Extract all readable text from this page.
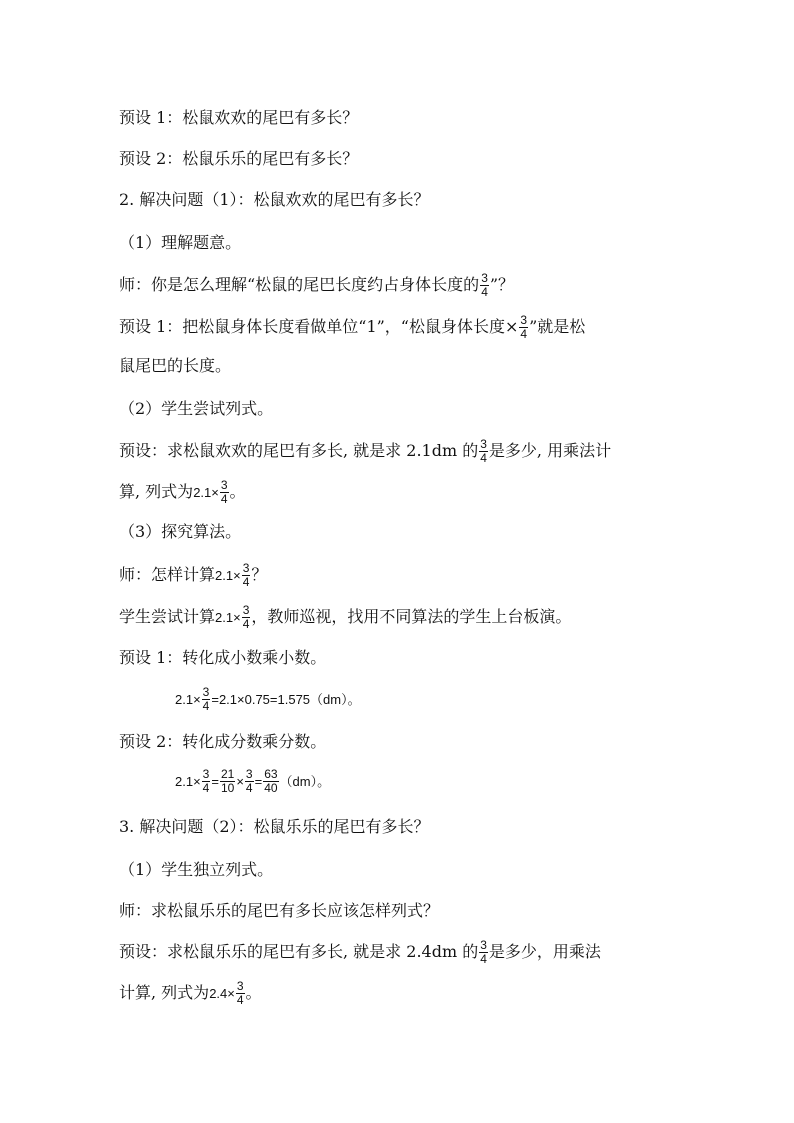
预设 1：松鼠欢欢的尾巴有多长？
预设 2：松鼠乐乐的尾巴有多长？
2. 解决问题（1）：松鼠欢欢的尾巴有多长？
（1）理解题意。
师：你是怎么理解“松鼠的尾巴长度约占身体长度的 $\frac{3}{4}$ ”？
预设 1：把松鼠身体长度看做单位“1”，“松鼠身体长度× $\frac{3}{4}$ ”就是松
鼠尾巴的长度。
（2）学生尝试列式。
预设：求松鼠欢欢的尾巴有多长, 就是求 2.1dm 的 $\frac{3}{4}$ 是多少, 用乘法计
算, 列式为$2.1\times \frac{3}{4}$ 。
（3）探究算法。
师：怎样计算$2.1\times \frac{3}{4}$ ？
学生尝试计算$2.1\times \frac{3}{4}$ ，教师巡视，找用不同算法的学生上台板演。
预设 1：转化成小数乘小数。
$2.1\times \frac{3}{4} =2.1\times 0.75=1.575(dm)$。
预设 2：转化成分数乘分数。
$2.1\times \frac{3}{4} = \frac{21}{10} \times \frac{3}{4} = \frac{63}{40} (dm)$。
3. 解决问题（2）：松鼠乐乐的尾巴有多长？
（1）学生独立列式。
师：求松鼠乐乐的尾巴有多长应该怎样列式？
预设：求松鼠乐乐的尾巴有多长, 就是求 2.4dm 的 $\frac{3}{4}$ 是多少，用乘法
计算, 列式为$2.4\times \frac{3}{4}$ 。
